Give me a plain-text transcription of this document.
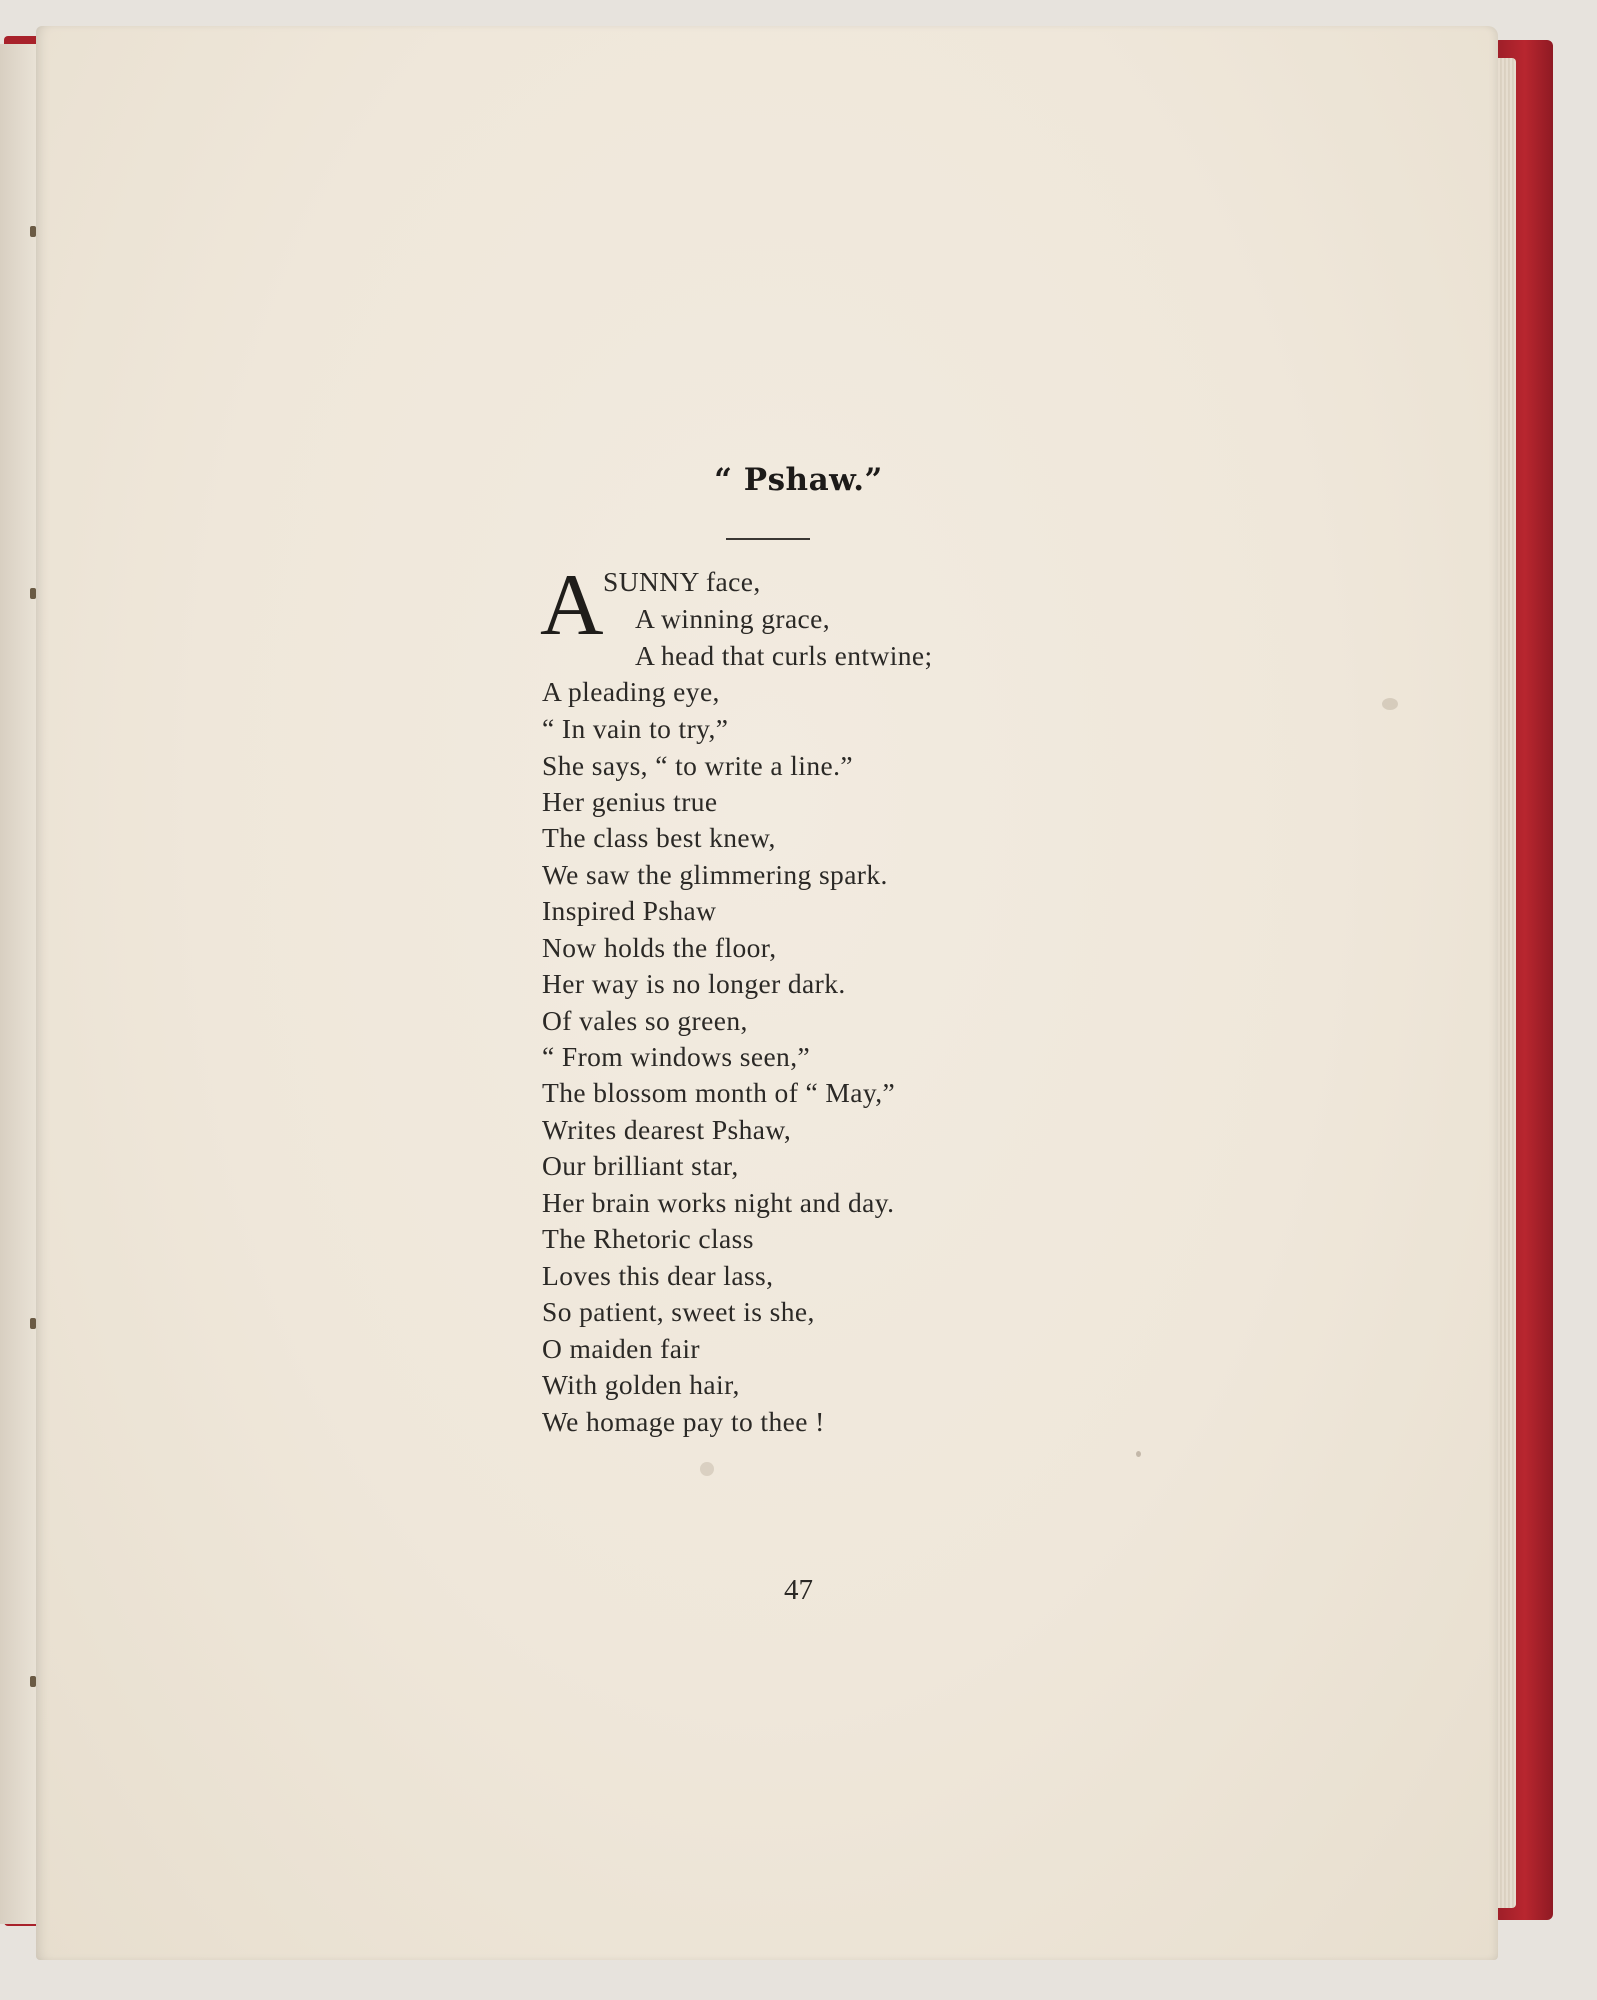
“ Pshaw.”
A SUNNY face,
A winning grace,
A head that curls entwine;
A pleading eye,
“ In vain to try,”
She says, “ to write a line.”
Her genius true
The class best knew,
We saw the glimmering spark.
Inspired Pshaw
Now holds the floor,
Her way is no longer dark.
Of vales so green,
“ From windows seen,”
The blossom month of “ May,”
Writes dearest Pshaw,
Our brilliant star,
Her brain works night and day.
The Rhetoric class
Loves this dear lass,
So patient, sweet is she,
O maiden fair
With golden hair,
We homage pay to thee !
47
